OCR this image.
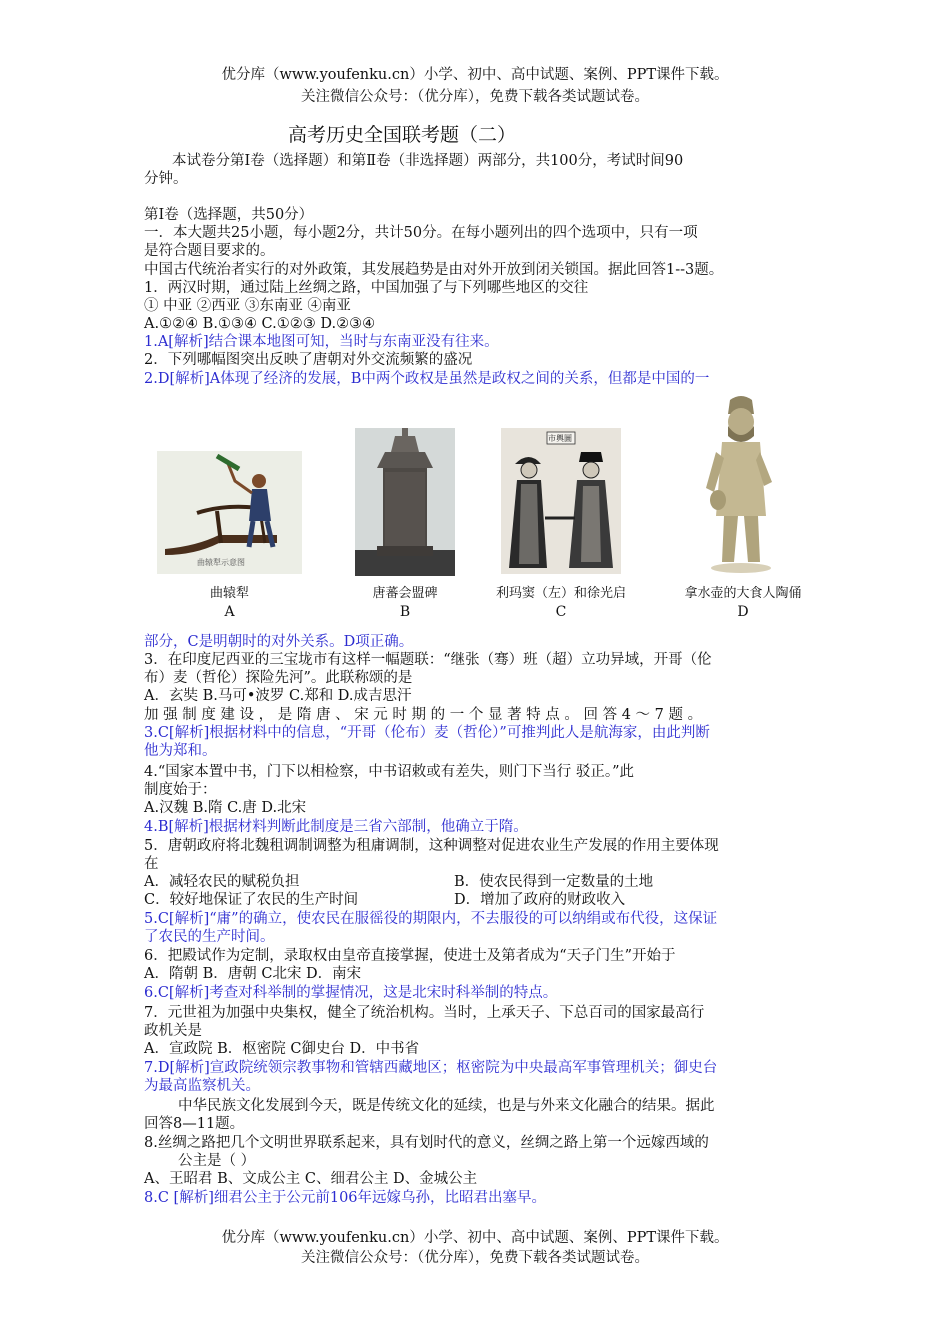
优分库（www.youfenku.cn）小学、初中、高中试题、案例、PPT课件下载。
关注微信公众号：（优分库），免费下载各类试题试卷。
高考历史全国联考题（二）
本试卷分第Ⅰ卷（选择题）和第Ⅱ卷（非选择题）两部分，共100分，考试时间90
分钟。
第Ⅰ卷（选择题，共50分）
一．本大题共25小题，每小题2分，共计50分。在每小题列出的四个选项中，只有一项
是符合题目要求的。
中国古代统治者实行的对外政策，其发展趋势是由对外开放到闭关锁国。据此回答1--3题。
1．两汉时期，通过陆上丝绸之路，中国加强了与下列哪些地区的交往
① 中亚 ②西亚 ③东南亚 ④南亚
A.①②④ B.①③④ C.①②③ D.②③④
1.A[解析]结合课本地图可知，当时与东南亚没有往来。
2．下列哪幅图突出反映了唐朝对外交流频繁的盛况
2.D[解析]A体现了经济的发展，B中两个政权是虽然是政权之间的关系，但都是中国的一
曲辕犁示意图
曲辕犁
A
唐蕃会盟碑
B
市輿圖
利玛窦（左）和徐光启
C
拿水壶的大食人陶俑
D
部分，C是明朝时的对外关系。D项正确。
3．在印度尼西亚的三宝垅市有这样一幅题联：“继张（骞）班（超）立功异域，开哥（伦
布）麦（哲伦）探险先河”。此联称颂的是
A．玄奘 B.马可•波罗 C.郑和 D.成吉思汗
加 强 制 度 建 设 ， 是 隋 唐 、 宋 元 时 期 的 一 个 显 著 特 点 。 回 答 4 ～ 7 题 。
3.C[解析]根据材料中的信息，“开哥（伦布）麦（哲伦）”可推判此人是航海家，由此判断
他为郑和。
4.“国家本置中书，门下以相检察，中书诏敕或有差失，则门下当行 驳正。”此
制度始于：
A.汉魏 B.隋 C.唐 D.北宋
4.B[解析]根据材料判断此制度是三省六部制，他确立于隋。
5．唐朝政府将北魏租调制调整为租庸调制，这种调整对促进农业生产发展的作用主要体现
在
A．减轻农民的赋税负担	B．使农民得到一定数量的土地
C．较好地保证了农民的生产时间	D．增加了政府的财政收入
5.C[解析]“庸”的确立，使农民在服徭役的期限内，不去服役的可以纳绢或布代役，这保证
了农民的生产时间。
6．把殿试作为定制，录取权由皇帝直接掌握，使进士及第者成为“天子门生”开始于
A．隋朝 B．唐朝 C北宋 D．南宋
6.C[解析]考查对科举制的掌握情况，这是北宋时科举制的特点。
7．元世祖为加强中央集权，健全了统治机构。当时，上承天子、下总百司的国家最高行
政机关是
A．宣政院 B．枢密院 C御史台 D．中书省
7.D[解析]宣政院统领宗教事物和管辖西藏地区；枢密院为中央最高军事管理机关；御史台
为最高监察机关。
中华民族文化发展到今天，既是传统文化的延续，也是与外来文化融合的结果。据此
回答8—11题。
8.丝绸之路把几个文明世界联系起来，具有划时代的意义，丝绸之路上第一个远嫁西域的
公主是（ ）
A、王昭君 B、文成公主 C、细君公主 D、金城公主
8.C [解析]细君公主于公元前106年远嫁乌孙，比昭君出塞早。
优分库（www.youfenku.cn）小学、初中、高中试题、案例、PPT课件下载。
关注微信公众号：（优分库），免费下载各类试题试卷。
